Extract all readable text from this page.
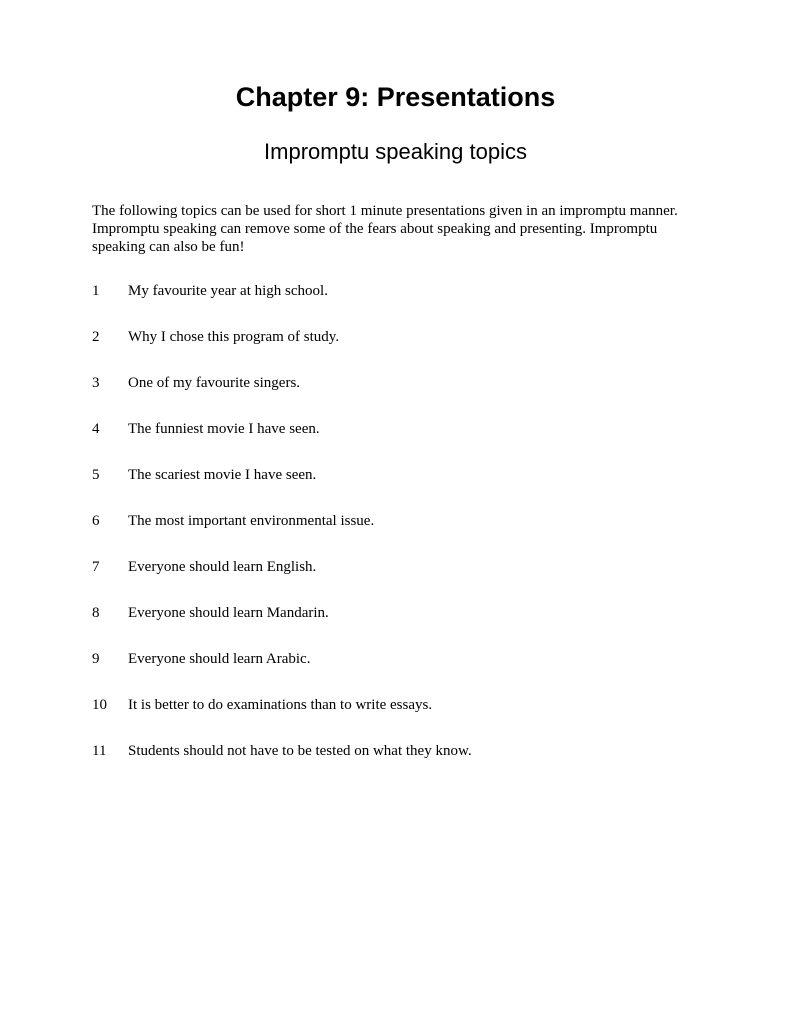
Chapter 9: Presentations
Impromptu speaking topics

The following topics can be used for short 1 minute presentations given in an impromptu manner. Impromptu speaking can remove some of the fears about speaking and presenting. Impromptu speaking can also be fun!

1	My favourite year at high school.
2	Why I chose this program of study.
3	One of my favourite singers.
4	The funniest movie I have seen.
5	The scariest movie I have seen.
6	The most important environmental issue.
7	Everyone should learn English.
8	Everyone should learn Mandarin.
9	Everyone should learn Arabic.
10	It is better to do examinations than to write essays.
11	Students should not have to be tested on what they know.
